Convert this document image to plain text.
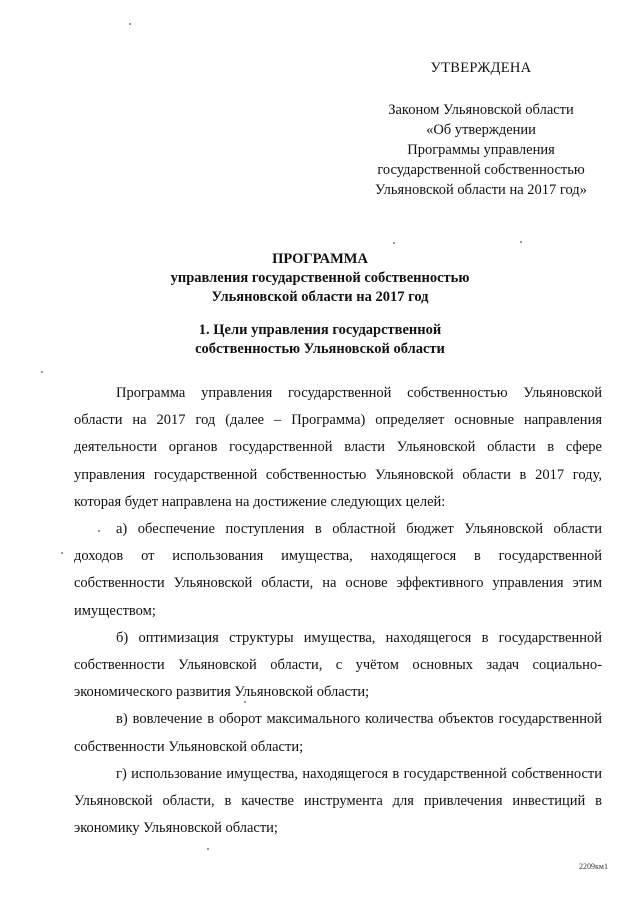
УТВЕРЖДЕНА
Законом Ульяновской области
«Об утверждении
Программы управления
государственной собственностью
Ульяновской области на 2017 год»
ПРОГРАММА
управления государственной собственностью
Ульяновской области на 2017 год
1. Цели управления государственной
собственностью Ульяновской области

Программа управления государственной собственностью Ульяновской области на 2017 год (далее – Программа) определяет основные направления деятельности органов государственной власти Ульяновской области в сфере управления государственной собственностью Ульяновской области в 2017 году, которая будет направлена на достижение следующих целей:

а) обеспечение поступления в областной бюджет Ульяновской области доходов от использования имущества, находящегося в государственной собственности Ульяновской области, на основе эффективного управления этим имуществом;

б) оптимизация структуры имущества, находящегося в государственной собственности Ульяновской области, с учётом основных задач социально- экономического развития Ульяновской области;

в) вовлечение в оборот максимального количества объектов государственной собственности Ульяновской области;

г) использование имущества, находящегося в государственной собственности Ульяновской области, в качестве инструмента для привлечения инвестиций в экономику Ульяновской области;

2209км1
